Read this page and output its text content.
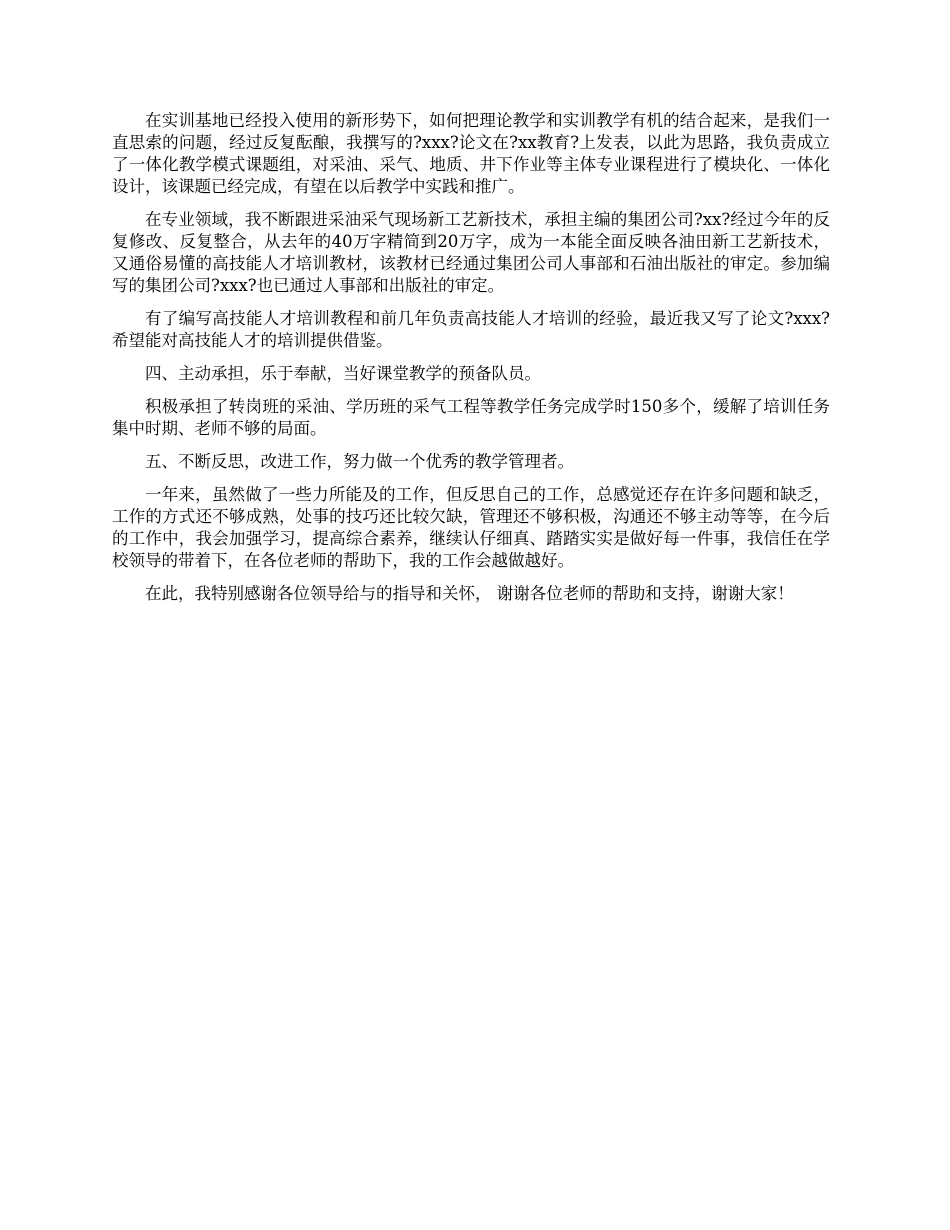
在实训基地已经投入使用的新形势下，如何把理论教学和实训教学有机的结合起来，是我们一直思索的问题，经过反复酝酿，我撰写的?xxx?论文在?xx教育?上发表，以此为思路，我负责成立了一体化教学模式课题组，对采油、采气、地质、井下作业等主体专业课程进行了模块化、一体化设计，该课题已经完成，有望在以后教学中实践和推广。

在专业领域，我不断跟进采油采气现场新工艺新技术，承担主编的集团公司?xx?经过今年的反复修改、反复整合，从去年的40万字精简到20万字，成为一本能全面反映各油田新工艺新技术，又通俗易懂的高技能人才培训教材，该教材已经通过集团公司人事部和石油出版社的审定。参加编写的集团公司?xxx?也已通过人事部和出版社的审定。

有了编写高技能人才培训教程和前几年负责高技能人才培训的经验，最近我又写了论文?xxx?希望能对高技能人才的培训提供借鉴。

四、主动承担，乐于奉献，当好课堂教学的预备队员。

积极承担了转岗班的采油、学历班的采气工程等教学任务完成学时150多个，缓解了培训任务集中时期、老师不够的局面。

五、不断反思，改进工作，努力做一个优秀的教学管理者。

一年来，虽然做了一些力所能及的工作，但反思自己的工作，总感觉还存在许多问题和缺乏，工作的方式还不够成熟，处事的技巧还比较欠缺，管理还不够积极，沟通还不够主动等等，在今后的工作中，我会加强学习，提高综合素养，继续认仔细真、踏踏实实是做好每一件事，我信任在学校领导的带着下，在各位老师的帮助下，我的工作会越做越好。

在此，我特别感谢各位领导给与的指导和关怀， 谢谢各位老师的帮助和支持，谢谢大家！
